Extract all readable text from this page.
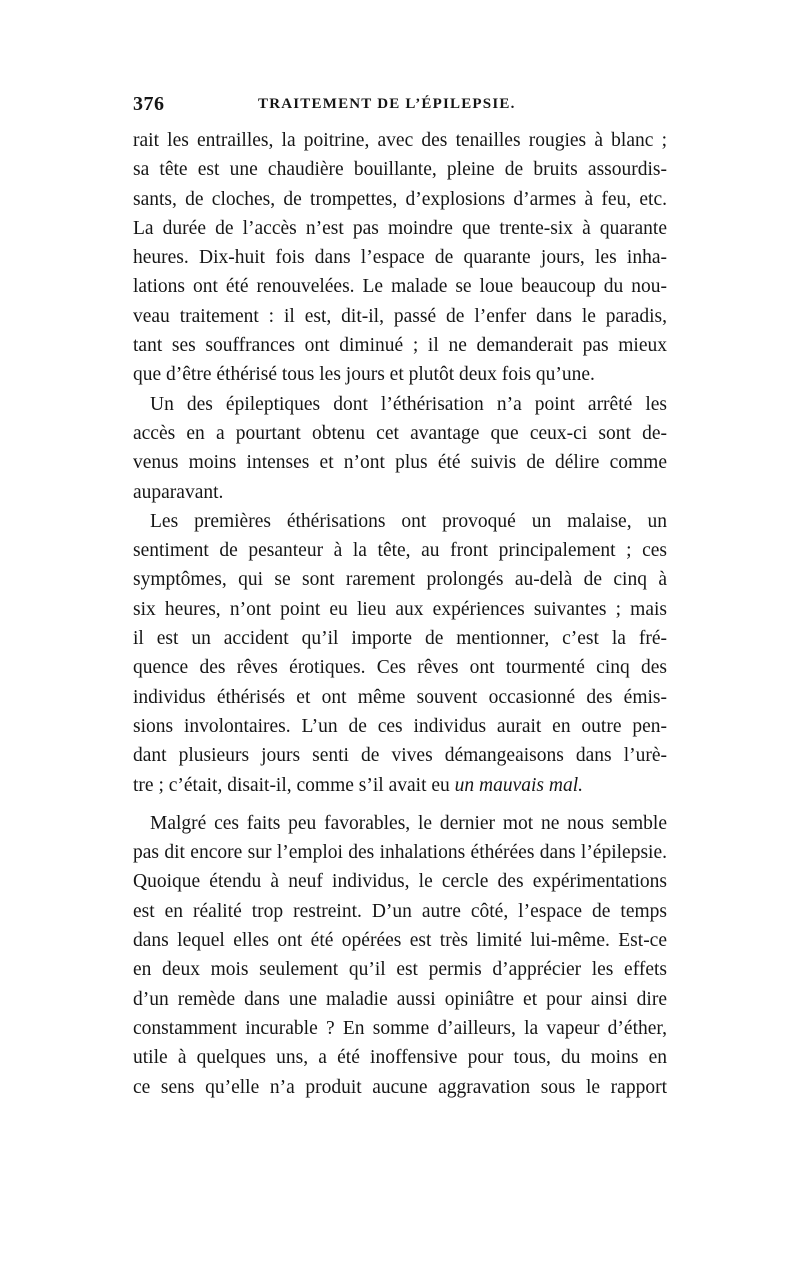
376	TRAITEMENT DE L’ÉPILEPSIE.
rait les entrailles, la poitrine, avec des tenailles rougies à blanc ;
sa tête est une chaudière bouillante, pleine de bruits assourdis-
sants, de cloches, de trompettes, d’explosions d’armes à feu, etc.
La durée de l’accès n’est pas moindre que trente-six à quarante
heures. Dix-huit fois dans l’espace de quarante jours, les inha-
lations ont été renouvelées. Le malade se loue beaucoup du nou-
veau traitement : il est, dit-il, passé de l’enfer dans le paradis,
tant ses souffrances ont diminué ; il ne demanderait pas mieux
que d’être éthérisé tous les jours et plutôt deux fois qu’une.
Un des épileptiques dont l’éthérisation n’a point arrêté les
accès en a pourtant obtenu cet avantage que ceux-ci sont de-
venus moins intenses et n’ont plus été suivis de délire comme
auparavant.
Les premières éthérisations ont provoqué un malaise, un
sentiment de pesanteur à la tête, au front principalement ; ces
symptômes, qui se sont rarement prolongés au-delà de cinq à
six heures, n’ont point eu lieu aux expériences suivantes ; mais
il est un accident qu’il importe de mentionner, c’est la fré-
quence des rêves érotiques. Ces rêves ont tourmenté cinq des
individus éthérisés et ont même souvent occasionné des émis-
sions involontaires. L’un de ces individus aurait en outre pen-
dant plusieurs jours senti de vives démangeaisons dans l’urè-
tre ; c’était, disait-il, comme s’il avait eu un mauvais mal.
Malgré ces faits peu favorables, le dernier mot ne nous semble
pas dit encore sur l’emploi des inhalations éthérées dans l’épilepsie.
Quoique étendu à neuf individus, le cercle des expérimentations
est en réalité trop restreint. D’un autre côté, l’espace de temps
dans lequel elles ont été opérées est très limité lui-même. Est-ce
en deux mois seulement qu’il est permis d’apprécier les effets
d’un remède dans une maladie aussi opiniâtre et pour ainsi dire
constamment incurable ? En somme d’ailleurs, la vapeur d’éther,
utile à quelques uns, a été inoffensive pour tous, du moins en
ce sens qu’elle n’a produit aucune aggravation sous le rapport
